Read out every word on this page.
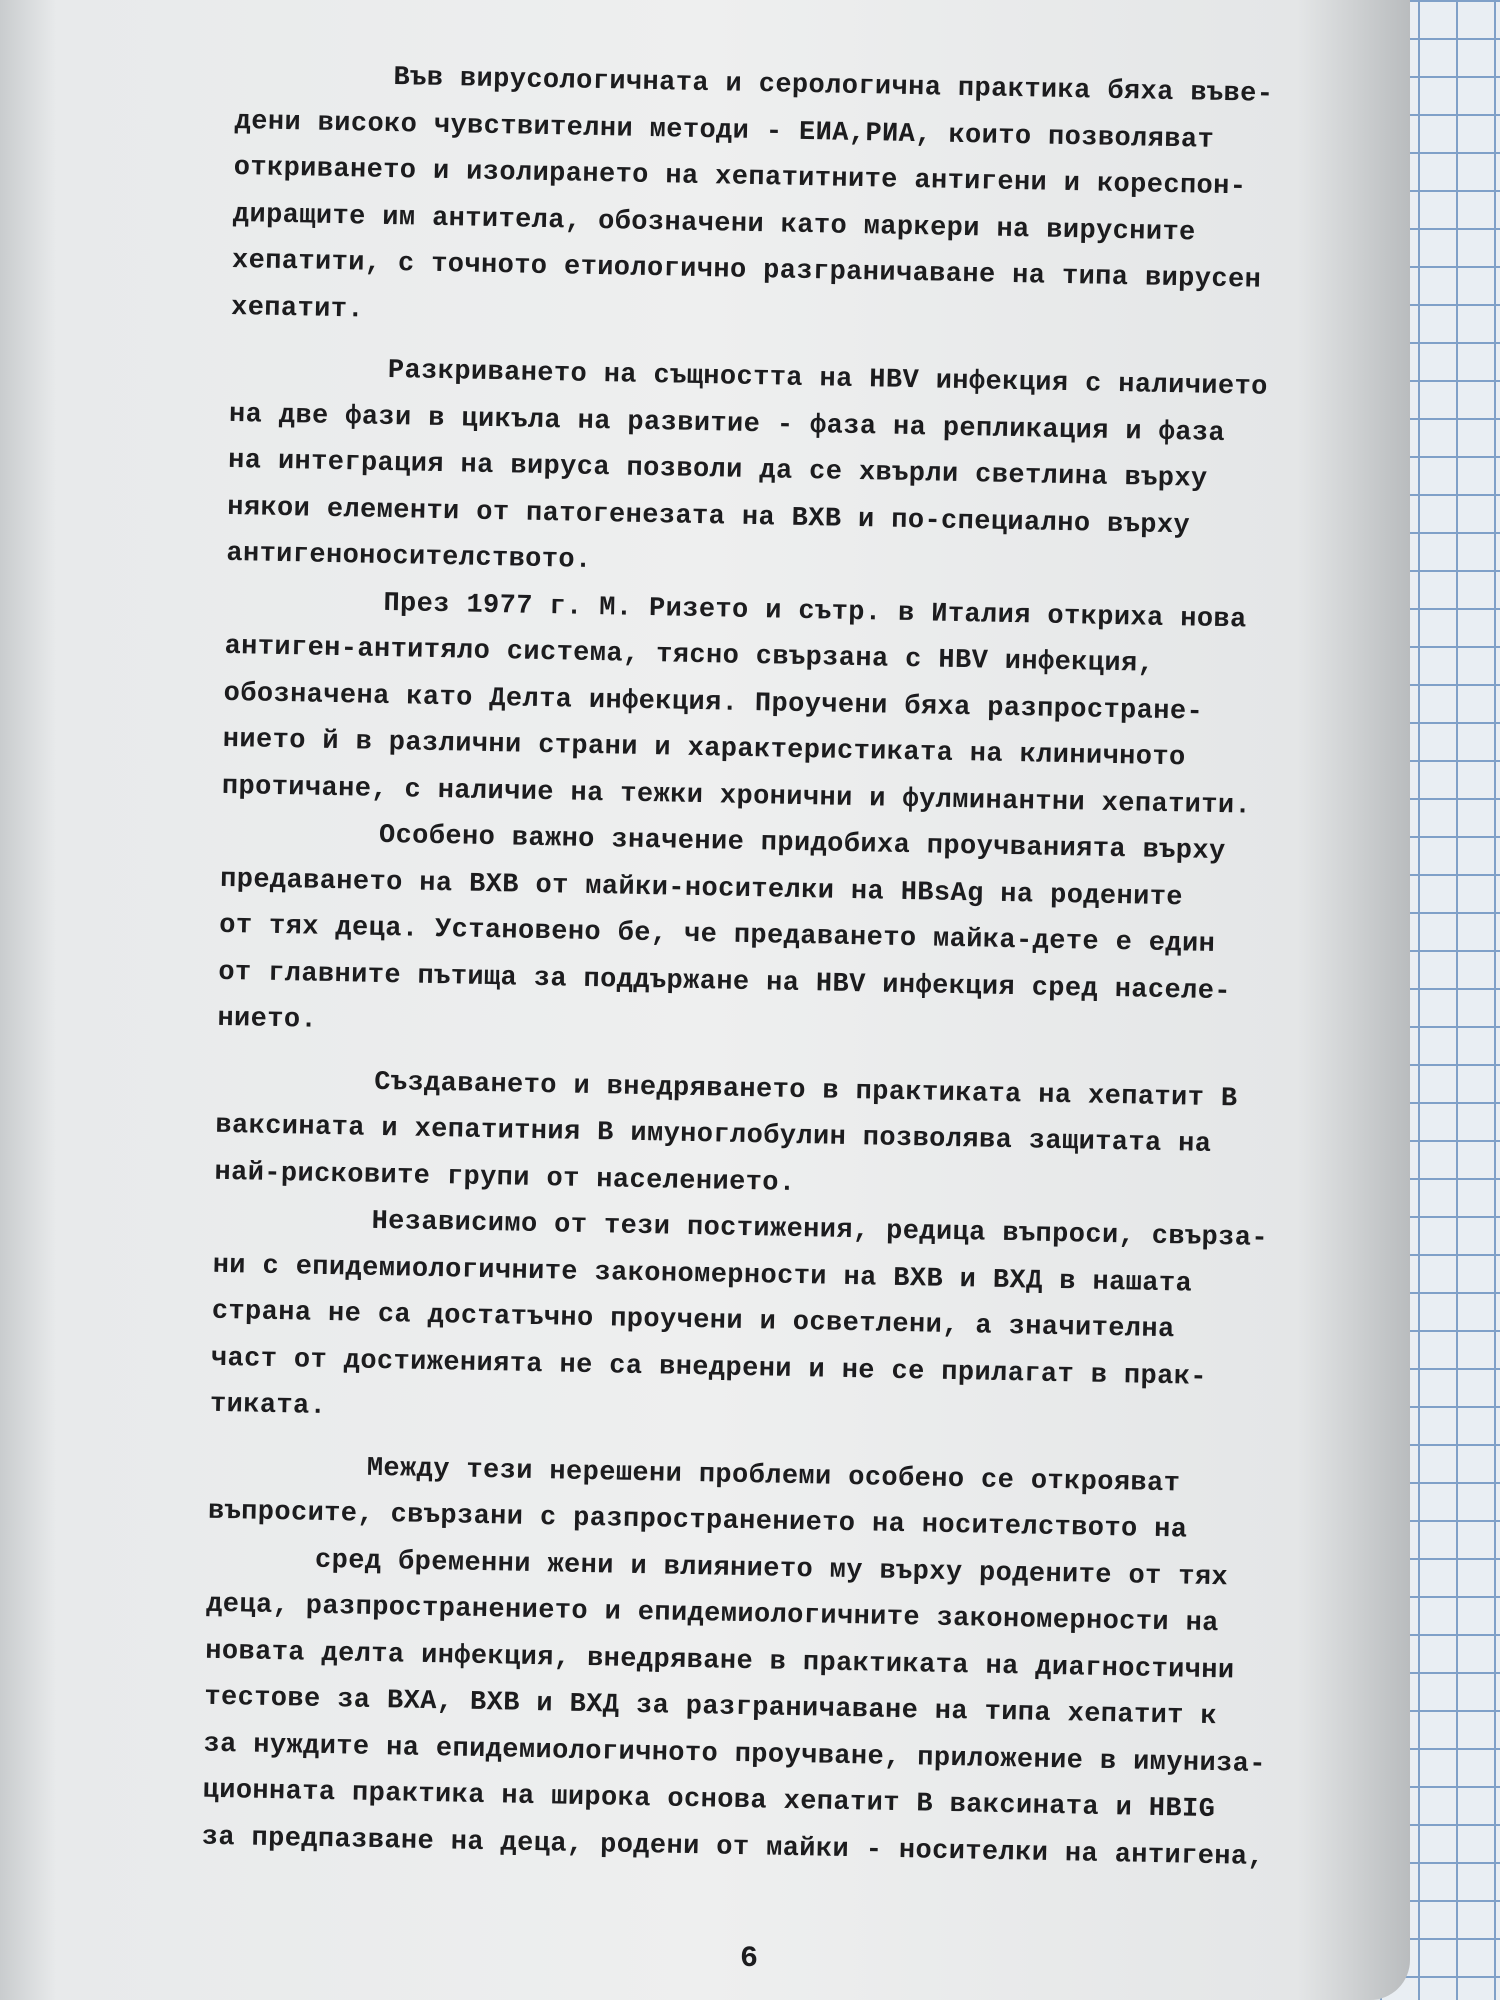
Във вирусологичната и серологична практика бяха въве-
дени високо чувствителни методи - ЕИА,РИА, които позволяват
откриването и изолирането на хепатитните антигени и кореспон-
диращите им антитела, обозначени като маркери на вирусните
хепатити, с точното етиологично разграничаване на типа вирусен
хепатит.
Разкриването на същността на HBV инфекция с наличието
на две фази в цикъла на развитие - фаза на репликация и фаза
на интеграция на вируса позволи да се хвърли светлина върху
някои елементи от патогенезата на ВХВ и по-специално върху
антигеноносителството.
През 1977 г. М. Ризето и сътр. в Италия откриха нова
антиген-антитяло система, тясно свързана с HBV инфекция,
обозначена като Делта инфекция. Проучени бяха разпростране-
нието й в различни страни и характеристиката на клиничното
протичане, с наличие на тежки хронични и фулминантни хепатити.
Особено важно значение придобиха проучванията върху
предаването на ВХВ от майки-носителки на HBsAg на родените
от тях деца. Установено бе, че предаването майка-дете е един
от главните пътища за поддържане на HBV инфекция сред населе-
нието.
Създаването и внедряването в практиката на хепатит В
ваксината и хепатитния В имуноглобулин позволява защитата на
най-рисковите групи от населението.
Независимо от тези постижения, редица въпроси, свърза-
ни с епидемиологичните закономерности на ВХВ и ВХД в нашата
страна не са достатъчно проучени и осветлени, а значителна
част от достиженията не са внедрени и не се прилагат в прак-
тиката.
Между тези нерешени проблеми особено се открояват
въпросите, свързани с разпространението на носителството на
сред бременни жени и влиянието му върху родените от тях
деца, разпространението и епидемиологичните закономерности на
новата делта инфекция, внедряване в практиката на диагностични
тестове за ВХА, ВХВ и ВХД за разграничаване на типа хепатит к
за нуждите на епидемиологичното проучване, приложение в имуниза-
ционната практика на широка основа хепатит В ваксината и HBIG
за предпазване на деца, родени от майки - носителки на антигена,
6
